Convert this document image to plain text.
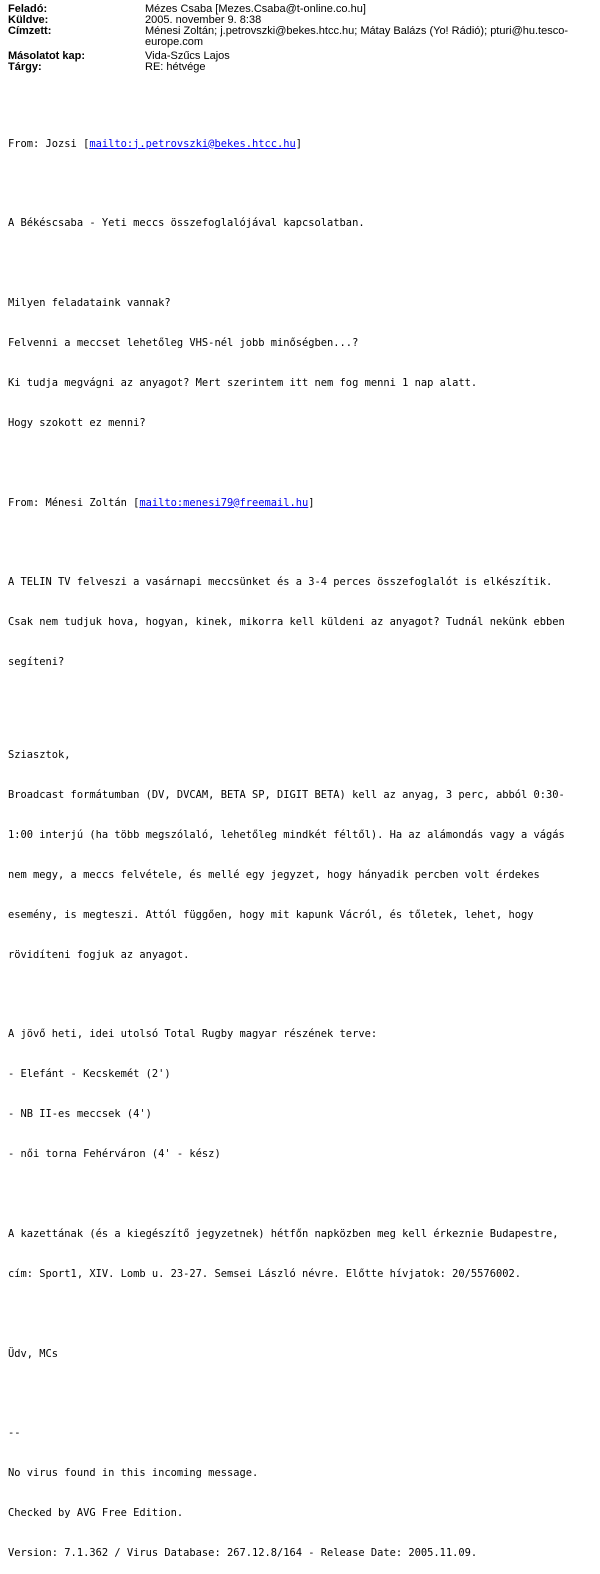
Feladó:	Mézes Csaba [Mezes.Csaba@t-online.co.hu]
Küldve:	2005. november 9. 8:38
Címzett:	Ménesi Zoltán; j.petrovszki@bekes.htcc.hu; Mátay Balázs (Yo! Rádió); pturi@hu.tesco-
europe.com
Másolatot kap:	Vida-Szűcs Lajos
Tárgy:	RE: hétvége

From: Jozsi [mailto:j.petrovszki@bekes.htcc.hu]

A Békéscsaba - Yeti meccs összefoglalójával kapcsolatban.

Milyen feladataink vannak?

Felvenni a meccset lehetőleg VHS-nél jobb minőségben...?

Ki tudja megvágni az anyagot? Mert szerintem itt nem fog menni 1 nap alatt.

Hogy szokott ez menni?

From: Ménesi Zoltán [mailto:menesi79@freemail.hu]

A TELIN TV felveszi a vasárnapi meccsünket és a 3-4 perces összefoglalót is elkészítik.

Csak nem tudjuk hova, hogyan, kinek, mikorra kell küldeni az anyagot? Tudnál nekünk ebben

segíteni?

Sziasztok,

Broadcast formátumban (DV, DVCAM, BETA SP, DIGIT BETA) kell az anyag, 3 perc, abból 0:30-

1:00 interjú (ha több megszólaló, lehetőleg mindkét féltől). Ha az alámondás vagy a vágás

nem megy, a meccs felvétele, és mellé egy jegyzet, hogy hányadik percben volt érdekes

esemény, is megteszi. Attól függően, hogy mit kapunk Vácról, és tőletek, lehet, hogy

rövidíteni fogjuk az anyagot.

A jövő heti, idei utolsó Total Rugby magyar részének terve:

- Elefánt - Kecskemét (2')

- NB II-es meccsek (4')

- női torna Fehérváron (4' - kész)

A kazettának (és a kiegészítő jegyzetnek) hétfőn napközben meg kell érkeznie Budapestre,

cím: Sport1, XIV. Lomb u. 23-27. Semsei László névre. Előtte hívjatok: 20/5576002.

Üdv, MCs

--

No virus found in this incoming message.

Checked by AVG Free Edition.

Version: 7.1.362 / Virus Database: 267.12.8/164 - Release Date: 2005.11.09.
